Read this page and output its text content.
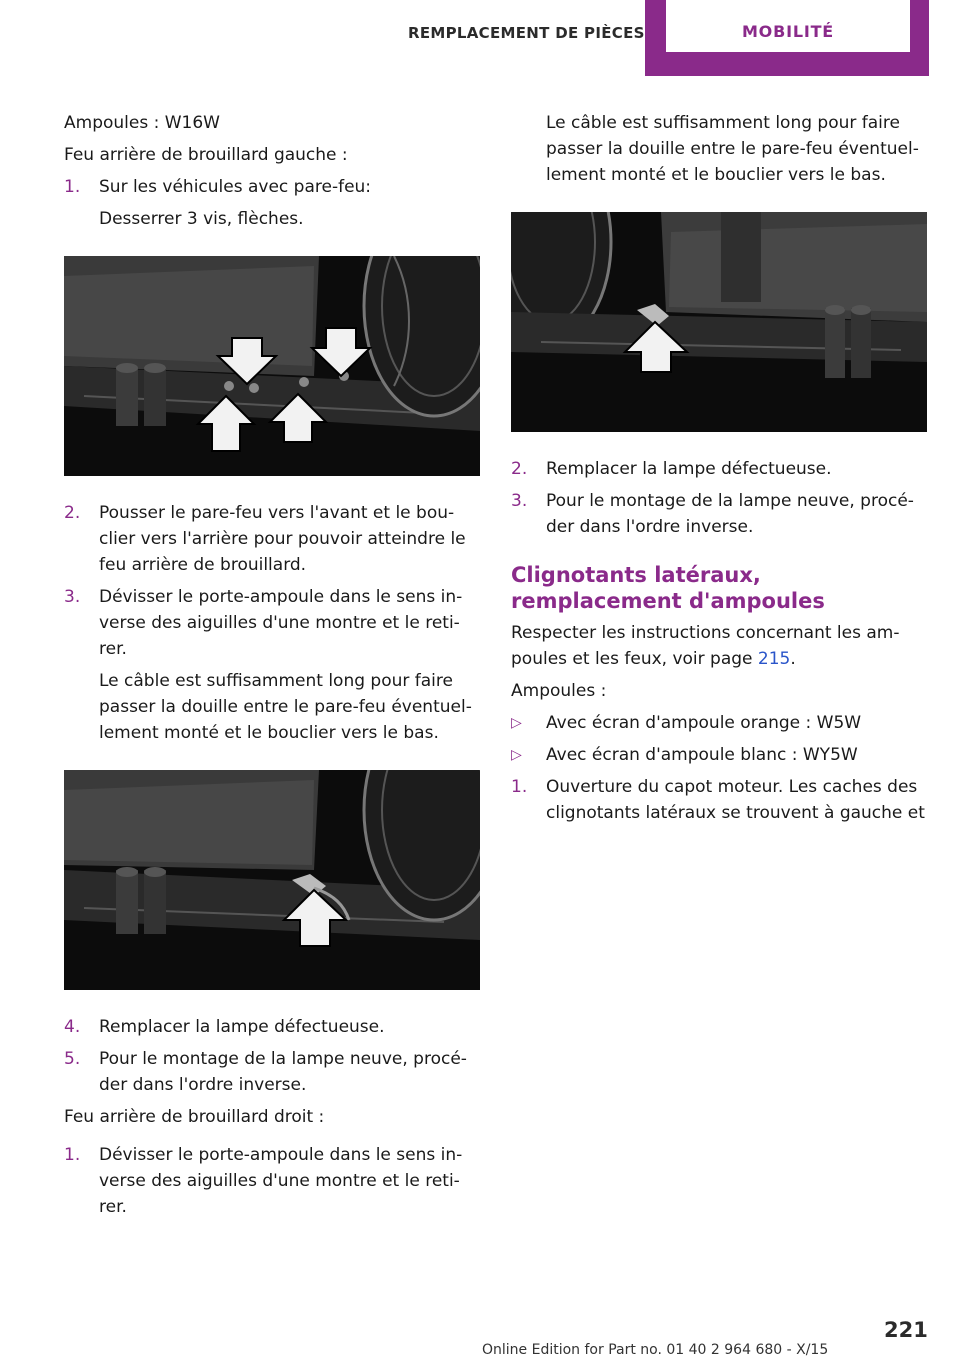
REMPLACEMENT DE PIÈCES	MOBILITÉ

Ampoules : W16W

Feu arrière de brouillard gauche :

1.	Sur les véhicules avec pare-feu:

Desserrer 3 vis, flèches.

2.	Pousser le pare-feu vers l'avant et le bou-clier vers l'arrière pour pouvoir atteindre le feu arrière de brouillard.

3.	Dévisser le porte-ampoule dans le sens in-verse des aiguilles d'une montre et le reti-rer.

Le câble est suffisamment long pour faire passer la douille entre le pare-feu éventuel-lement monté et le bouclier vers le bas.

4.	Remplacer la lampe défectueuse.

5.	Pour le montage de la lampe neuve, procé-der dans l'ordre inverse.

Feu arrière de brouillard droit :

1.	Dévisser le porte-ampoule dans le sens in-verse des aiguilles d'une montre et le reti-rer.

Le câble est suffisamment long pour faire passer la douille entre le pare-feu éventuel-lement monté et le bouclier vers le bas.

2.	Remplacer la lampe défectueuse.

3.	Pour le montage de la lampe neuve, procé-der dans l'ordre inverse.

Clignotants latéraux, remplacement d'ampoules

Respecter les instructions concernant les am-poules et les feux, voir page 215.

Ampoules :

▷	Avec écran d'ampoule orange : W5W
▷	Avec écran d'ampoule blanc : WY5W
1.	Ouverture du capot moteur. Les caches des clignotants latéraux se trouvent à gauche et

221
Online Edition for Part no. 01 40 2 964 680 - X/15
